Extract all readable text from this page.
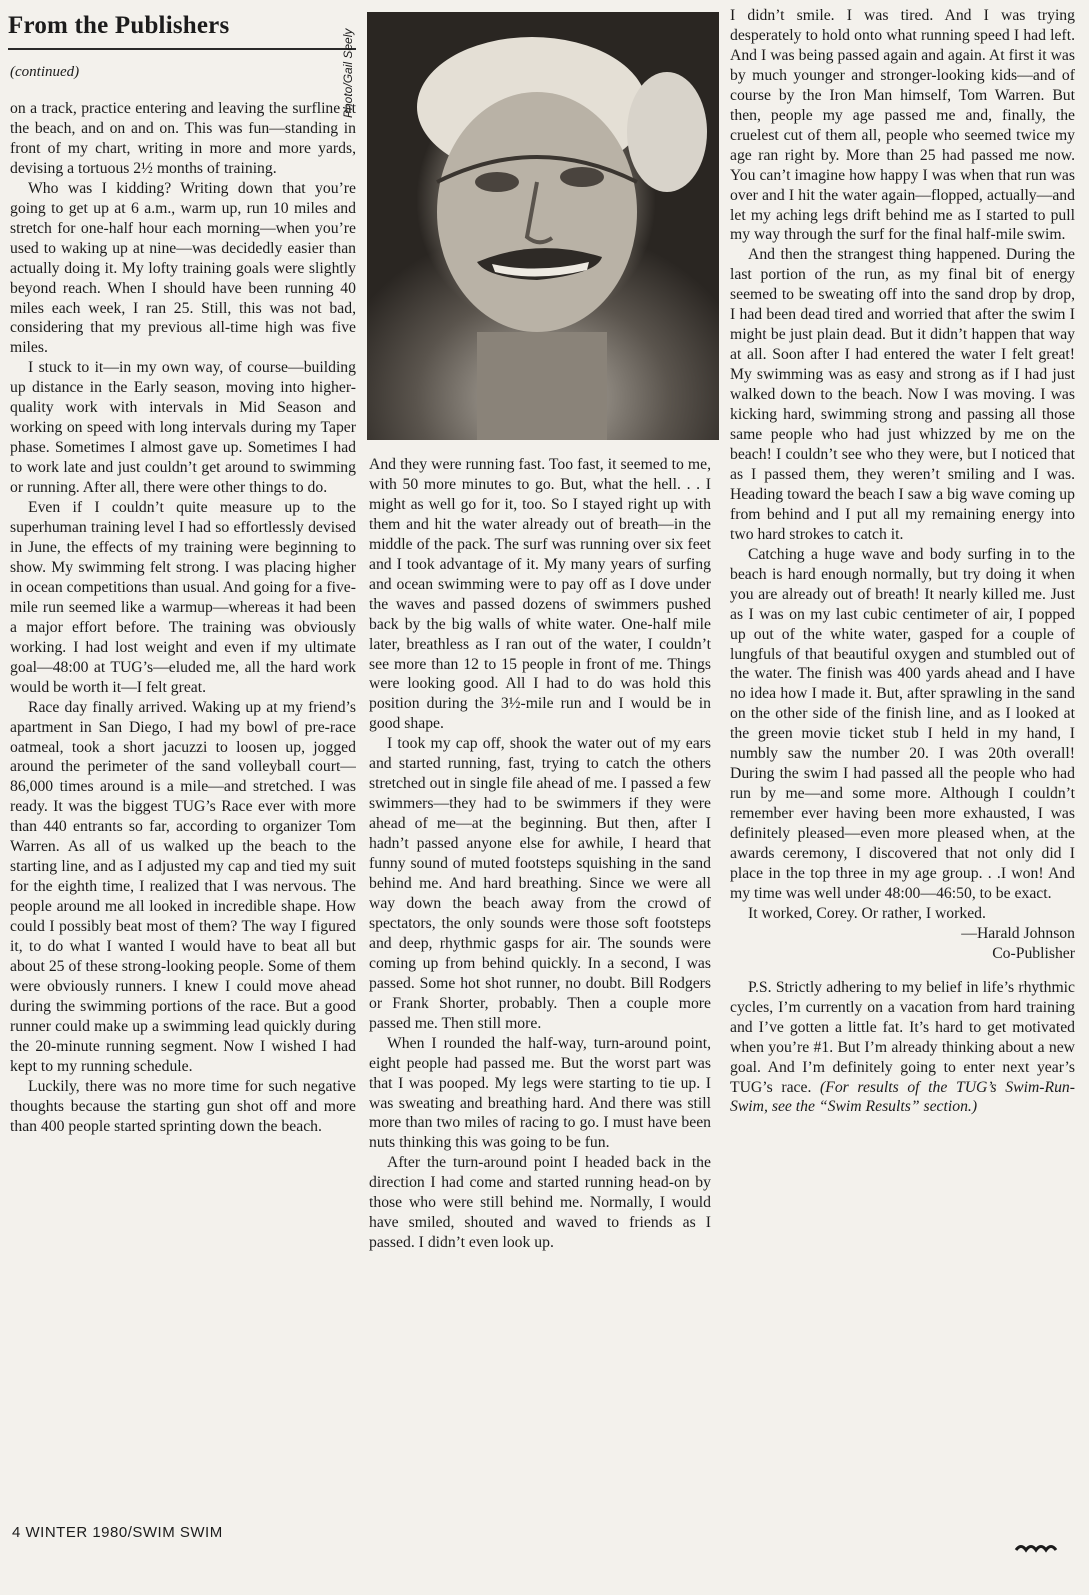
From the Publishers
(continued)	Photo/Gail Seely

on a track, practice entering and leaving the surfline at the beach, and on and on. This was fun—standing in front of my chart, writing in more and more yards, devising a tortuous 2½ months of training.

Who was I kidding? Writing down that you’re going to get up at 6 a.m., warm up, run 10 miles and stretch for one-half hour each morning—when you’re used to waking up at nine—was decidedly easier than actually doing it. My lofty training goals were slightly beyond reach. When I should have been running 40 miles each week, I ran 25. Still, this was not bad, considering that my previous all-time high was five miles.

I stuck to it—in my own way, of course—building up distance in the Early season, moving into higher-quality work with intervals in Mid Season and working on speed with long intervals during my Taper phase. Sometimes I almost gave up. Sometimes I had to work late and just couldn’t get around to swimming or running. After all, there were other things to do.

Even if I couldn’t quite measure up to the superhuman training level I had so effortlessly devised in June, the effects of my training were beginning to show. My swimming felt strong. I was placing higher in ocean competitions than usual. And going for a five-mile run seemed like a warmup—whereas it had been a major effort before. The training was obviously working. I had lost weight and even if my ultimate goal—48:00 at TUG’s—eluded me, all the hard work would be worth it—I felt great.

Race day finally arrived. Waking up at my friend’s apartment in San Diego, I had my bowl of pre-race oatmeal, took a short jacuzzi to loosen up, jogged around the perimeter of the sand volleyball court—86,000 times around is a mile—and stretched. I was ready. It was the biggest TUG’s Race ever with more than 440 entrants so far, according to organizer Tom Warren. As all of us walked up the beach to the starting line, and as I adjusted my cap and tied my suit for the eighth time, I realized that I was nervous. The people around me all looked in incredible shape. How could I possibly beat most of them? The way I figured it, to do what I wanted I would have to beat all but about 25 of these strong-looking people. Some of them were obviously runners. I knew I could move ahead during the swimming portions of the race. But a good runner could make up a swimming lead quickly during the 20-minute running segment. Now I wished I had kept to my running schedule.

Luckily, there was no more time for such negative thoughts because the starting gun shot off and more than 400 people started sprinting down the beach.

And they were running fast. Too fast, it seemed to me, with 50 more minutes to go. But, what the hell. . . I might as well go for it, too. So I stayed right up with them and hit the water already out of breath—in the middle of the pack. The surf was running over six feet and I took advantage of it. My many years of surfing and ocean swimming were to pay off as I dove under the waves and passed dozens of swimmers pushed back by the big walls of white water. One-half mile later, breathless as I ran out of the water, I couldn’t see more than 12 to 15 people in front of me. Things were looking good. All I had to do was hold this position during the 3½-mile run and I would be in good shape.

I took my cap off, shook the water out of my ears and started running, fast, trying to catch the others stretched out in single file ahead of me. I passed a few swimmers—they had to be swimmers if they were ahead of me—at the beginning. But then, after I hadn’t passed anyone else for awhile, I heard that funny sound of muted footsteps squishing in the sand behind me. And hard breathing. Since we were all way down the beach away from the crowd of spectators, the only sounds were those soft footsteps and deep, rhythmic gasps for air. The sounds were coming up from behind quickly. In a second, I was passed. Some hot shot runner, no doubt. Bill Rodgers or Frank Shorter, probably. Then a couple more passed me. Then still more.

When I rounded the half-way, turn-around point, eight people had passed me. But the worst part was that I was pooped. My legs were starting to tie up. I was sweating and breathing hard. And there was still more than two miles of racing to go. I must have been nuts thinking this was going to be fun.

After the turn-around point I headed back in the direction I had come and started running head-on by those who were still behind me. Normally, I would have smiled, shouted and waved to friends as I passed. I didn’t even look up.

I didn’t smile. I was tired. And I was trying desperately to hold onto what running speed I had left. And I was being passed again and again. At first it was by much younger and stronger-looking kids—and of course by the Iron Man himself, Tom Warren. But then, people my age passed me and, finally, the cruelest cut of them all, people who seemed twice my age ran right by. More than 25 had passed me now. You can’t imagine how happy I was when that run was over and I hit the water again—flopped, actually—and let my aching legs drift behind me as I started to pull my way through the surf for the final half-mile swim.

And then the strangest thing happened. During the last portion of the run, as my final bit of energy seemed to be sweating off into the sand drop by drop, I had been dead tired and worried that after the swim I might be just plain dead. But it didn’t happen that way at all. Soon after I had entered the water I felt great! My swimming was as easy and strong as if I had just walked down to the beach. Now I was moving. I was kicking hard, swimming strong and passing all those same people who had just whizzed by me on the beach! I couldn’t see who they were, but I noticed that as I passed them, they weren’t smiling and I was. Heading toward the beach I saw a big wave coming up from behind and I put all my remaining energy into two hard strokes to catch it.

Catching a huge wave and body surfing in to the beach is hard enough normally, but try doing it when you are already out of breath! It nearly killed me. Just as I was on my last cubic centimeter of air, I popped up out of the white water, gasped for a couple of lungfuls of that beautiful oxygen and stumbled out of the water. The finish was 400 yards ahead and I have no idea how I made it. But, after sprawling in the sand on the other side of the finish line, and as I looked at the green movie ticket stub I held in my hand, I numbly saw the number 20. I was 20th overall! During the swim I had passed all the people who had run by me—and some more. Although I couldn’t remember ever having been more exhausted, I was definitely pleased—even more pleased when, at the awards ceremony, I discovered that not only did I place in the top three in my age group. . .I won! And my time was well under 48:00—46:50, to be exact.

It worked, Corey. Or rather, I worked.

—Harald Johnson

Co-Publisher

P.S. Strictly adhering to my belief in life’s rhythmic cycles, I’m currently on a vacation from hard training and I’ve gotten a little fat. It’s hard to get motivated when you’re #1. But I’m already thinking about a new goal. And I’m definitely going to enter next year’s TUG’s race. (For results of the TUG’s Swim-Run-Swim, see the “Swim Results” section.)

4 WINTER 1980/SWIM SWIM
